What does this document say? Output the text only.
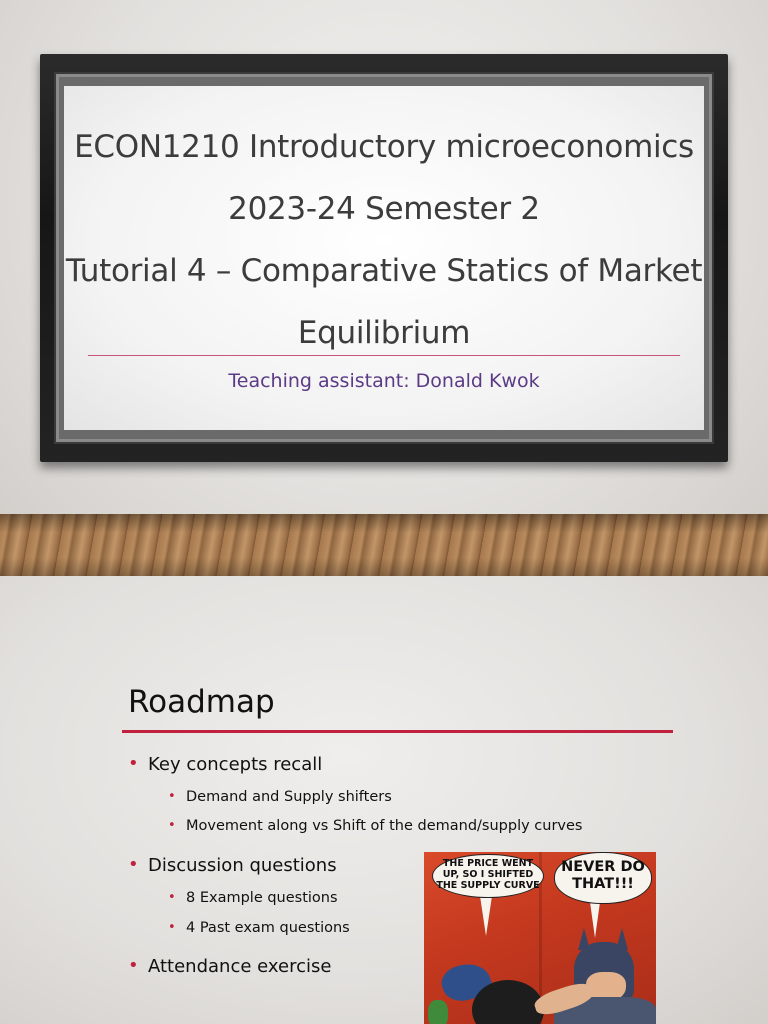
ECON1210 Introductory microeconomics
2023-24 Semester 2
Tutorial 4 – Comparative Statics of Market
Equilibrium
Teaching assistant: Donald Kwok
Roadmap
• Key concepts recall
• Demand and Supply shifters
• Movement along vs Shift of the demand/supply curves
• Discussion questions
• 8 Example questions
• 4 Past exam questions
• Attendance exercise
THE PRICE WENT UP, SO I SHIFTED THE SUPPLY CURVE
NEVER DO THAT!!!
